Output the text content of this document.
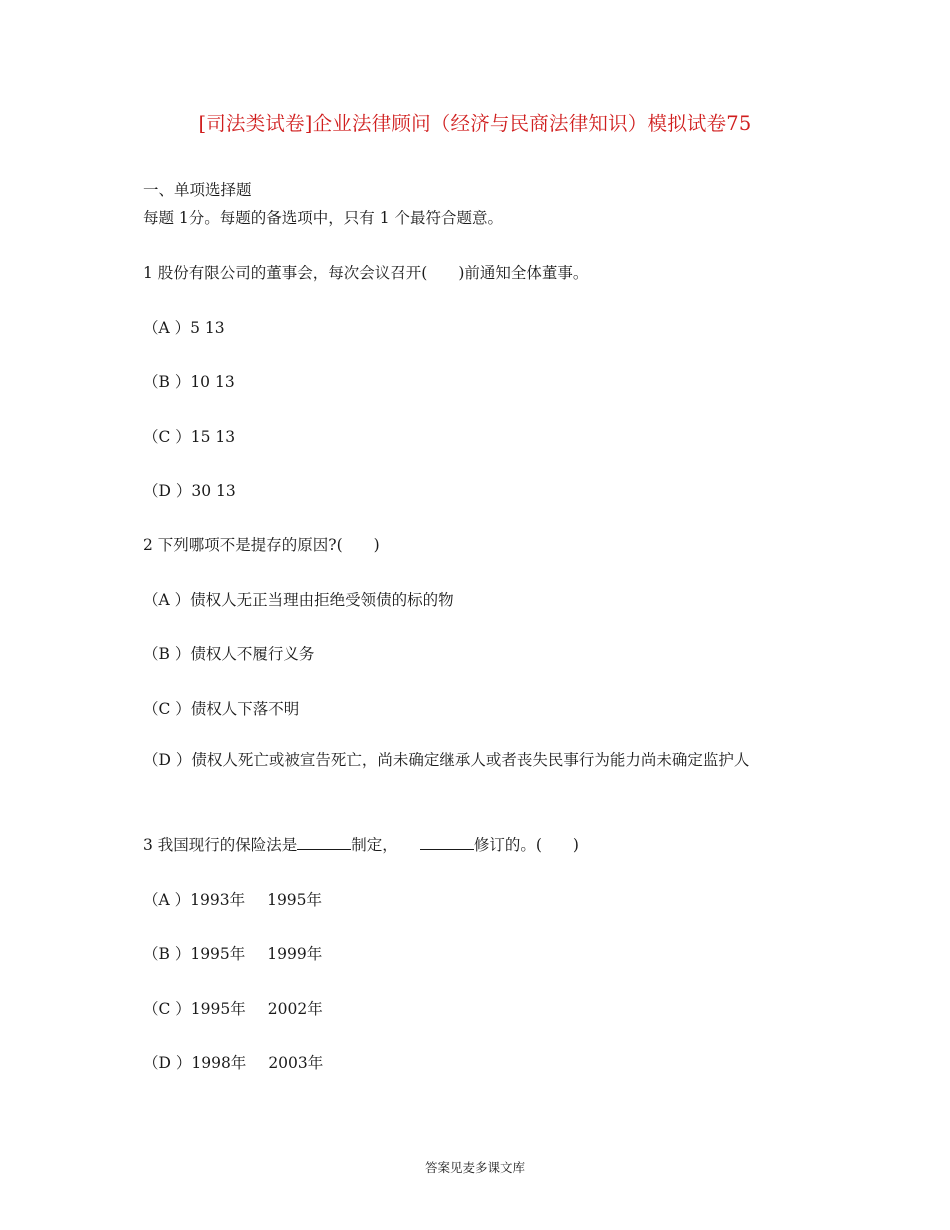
[司法类试卷]企业法律顾问（经济与民商法律知识）模拟试卷75
一、单项选择题
每题 1分。每题的备选项中，只有 1 个最符合题意。
1 股份有限公司的董事会，每次会议召开(　　)前通知全体董事。
（A ）5 13
（B ）10 13
（C ）15 13
（D ）30 13
2 下列哪项不是提存的原因?(　　)
（A ）债权人无正当理由拒绝受领债的标的物
（B ）债权人不履行义务
（C ）债权人下落不明
（D ）债权人死亡或被宣告死亡，尚未确定继承人或者丧失民事行为能力尚未确定监护人
3 我国现行的保险法是	制定，	修订的。(　　)
（A ）1993年 1995年
（B ）1995年 1999年
（C ）1995年 2002年
（D ）1998年 2003年
答案见麦多课文库
